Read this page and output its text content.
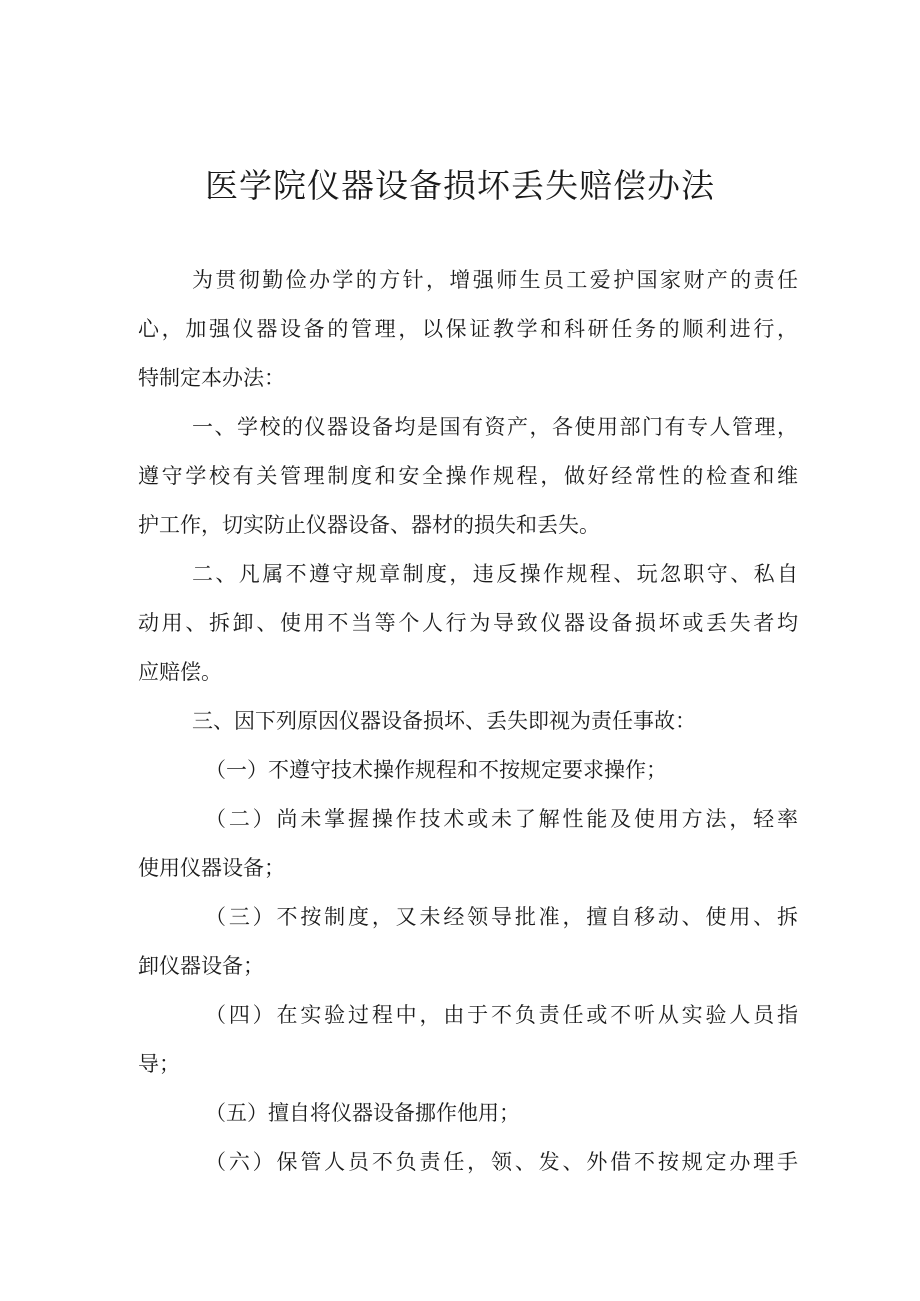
医学院仪器设备损坏丢失赔偿办法

为贯彻勤俭办学的方针，增强师生员工爱护国家财产的责任

心，加强仪器设备的管理，以保证教学和科研任务的顺利进行，

特制定本办法：

一、学校的仪器设备均是国有资产，各使用部门有专人管理，

遵守学校有关管理制度和安全操作规程，做好经常性的检查和维

护工作，切实防止仪器设备、器材的损失和丢失。

二、凡属不遵守规章制度，违反操作规程、玩忽职守、私自

动用、拆卸、使用不当等个人行为导致仪器设备损坏或丢失者均

应赔偿。

三、因下列原因仪器设备损坏、丢失即视为责任事故：

（一）不遵守技术操作规程和不按规定要求操作；

（二）尚未掌握操作技术或未了解性能及使用方法，轻率

使用仪器设备；

（三）不按制度，又未经领导批准，擅自移动、使用、拆

卸仪器设备；

（四）在实验过程中，由于不负责任或不听从实验人员指

导；

（五）擅自将仪器设备挪作他用；

（六）保管人员不负责任，领、发、外借不按规定办理手
